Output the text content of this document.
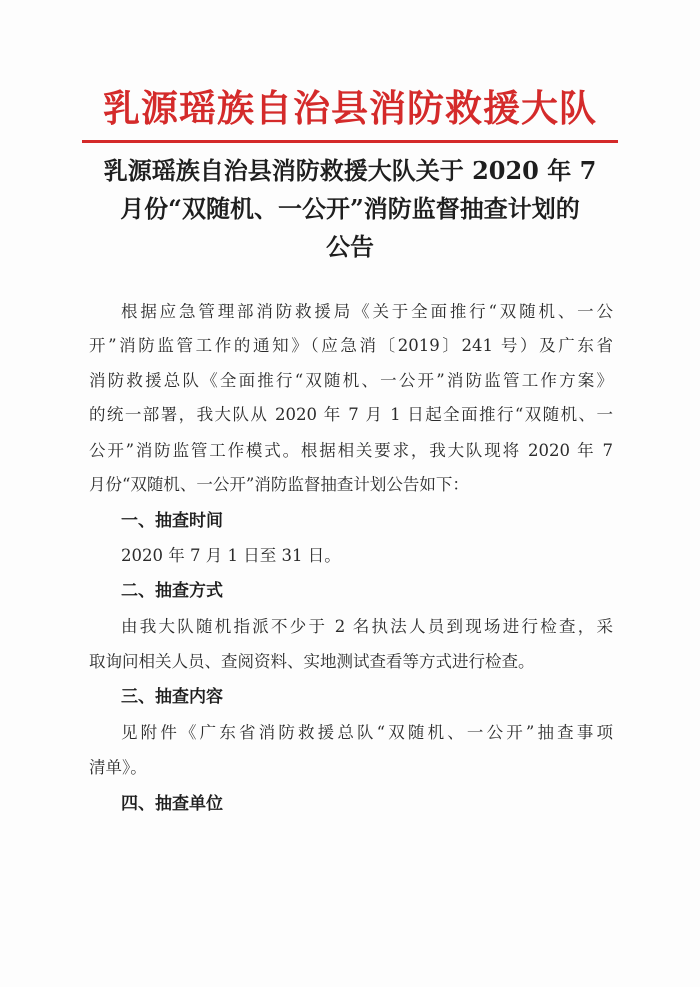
乳源瑶族自治县消防救援大队
乳源瑶族自治县消防救援大队关于 2020 年 7
月份“双随机、一公开”消防监督抽查计划的
公告
根据应急管理部消防救援局《关于全面推行“双随机、一公
开”消防监管工作的通知》（应急消〔2019〕241 号）及广东省
消防救援总队《全面推行“双随机、一公开”消防监管工作方案》
的统一部署，我大队从 2020 年 7 月 1 日起全面推行“双随机、一
公开”消防监管工作模式。根据相关要求，我大队现将 2020 年 7
月份“双随机、一公开”消防监督抽查计划公告如下：
一、抽查时间
2020 年 7 月 1 日至 31 日。
二、抽查方式
由我大队随机指派不少于 2 名执法人员到现场进行检查，采
取询问相关人员、查阅资料、实地测试查看等方式进行检查。
三、抽查内容
见附件《广东省消防救援总队“双随机、一公开”抽查事项
清单》。
四、抽查单位
